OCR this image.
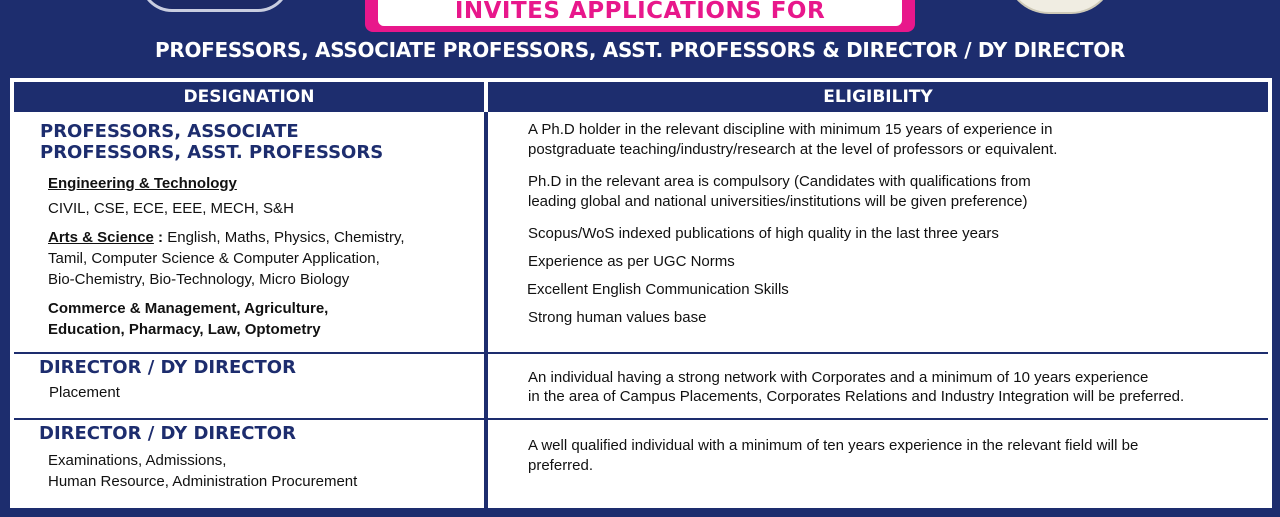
INVITES APPLICATIONS FOR
PROFESSORS, ASSOCIATE PROFESSORS, ASST. PROFESSORS & DIRECTOR / DY DIRECTOR
DESIGNATION	ELIGIBILITY
PROFESSORS, ASSOCIATE
PROFESSORS, ASST. PROFESSORS
Engineering & Technology
CIVIL, CSE, ECE, EEE, MECH, S&H
Arts & Science : English, Maths, Physics, Chemistry,
Tamil, Computer Science & Computer Application,
Bio-Chemistry, Bio-Technology, Micro Biology
Commerce & Management, Agriculture,
Education, Pharmacy, Law, Optometry
A Ph.D holder in the relevant discipline with minimum 15 years of experience in
postgraduate teaching/industry/research at the level of professors or equivalent.
Ph.D in the relevant area is compulsory (Candidates with qualifications from
leading global and national universities/institutions will be given preference)
Scopus/WoS indexed publications of high quality in the last three years
Experience as per UGC Norms
Excellent English Communication Skills
Strong human values base
DIRECTOR / DY DIRECTOR
Placement
An individual having a strong network with Corporates and a minimum of 10 years experience
in the area of Campus Placements, Corporates Relations and Industry Integration will be preferred.
DIRECTOR / DY DIRECTOR
Examinations, Admissions,
Human Resource, Administration Procurement
A well qualified individual with a minimum of ten years experience in the relevant field will be
preferred.
